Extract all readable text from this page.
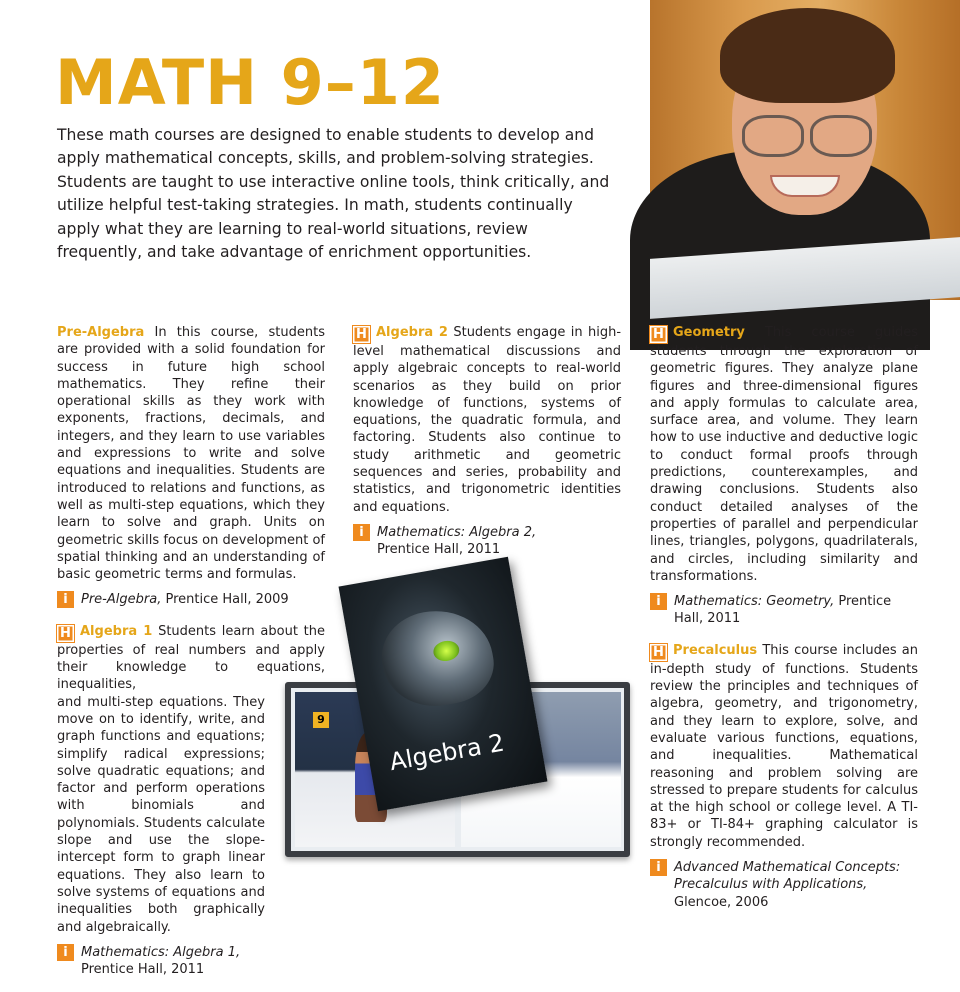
MATH 9–12

These math courses are designed to enable students to develop and apply mathematical concepts, skills, and problem-solving strategies. Students are taught to use interactive online tools, think critically, and utilize helpful test-taking strategies. In math, students continually apply what they are learning to real-world situations, review frequently, and take advantage of enrichment opportunities.

Pre-Algebra In this course, students are provided with a solid foundation for success in future high school mathematics. They refine their operational skills as they work with exponents, fractions, decimals, and integers, and they learn to use variables and expressions to write and solve equations and inequalities. Students are introduced to relations and functions, as well as multi-step equations, which they learn to solve and graph. Units on geometric skills focus on development of spatial thinking and an understanding of basic geometric terms and formulas.

i	Pre-Algebra, Prentice Hall, 2009

H Algebra 1 Students learn about the properties of real numbers and apply their knowledge to equations, inequalities,

and multi-step equations. They move on to identify, write, and graph functions and equations; simplify radical expressions; solve quadratic equations; and factor and perform operations with binomials and polynomials. Students calculate slope and use the slope-intercept form to graph linear equations. They also learn to solve systems of equations and inequalities both graphically and algebraically.

i	Mathematics: Algebra 1,
Prentice Hall, 2011

H Algebra 2 Students engage in high-level mathematical discussions and apply algebraic concepts to real-world scenarios as they build on prior knowledge of functions, systems of equations, the quadratic formula, and factoring. Students also continue to study arithmetic and geometric sequences and series, probability and statistics, and trigonometric identities and equations.

i	Mathematics: Algebra 2,
Prentice Hall, 2011

H Geometry This course guides students through the exploration of geometric figures. They analyze plane figures and three-dimensional figures and apply formulas to calculate area, surface area, and volume. They learn how to use inductive and deductive logic to conduct formal proofs through predictions, counterexamples, and drawing conclusions. Students also conduct detailed analyses of the properties of parallel and perpendicular lines, triangles, polygons, quadrilaterals, and circles, including similarity and transformations.

i	Mathematics: Geometry, Prentice Hall, 2011

H Precalculus This course includes an in-depth study of functions. Students review the principles and techniques of algebra, geometry, and trigonometry, and they learn to explore, solve, and evaluate various functions, equations, and inequalities. Mathematical reasoning and problem solving are stressed to prepare students for calculus at the high school or college level. A TI-83+ or TI-84+ graphing calculator is strongly recommended.

i	Advanced Mathematical Concepts: Precalculus with Applications,
Glencoe, 2006
9
Algebra 2
